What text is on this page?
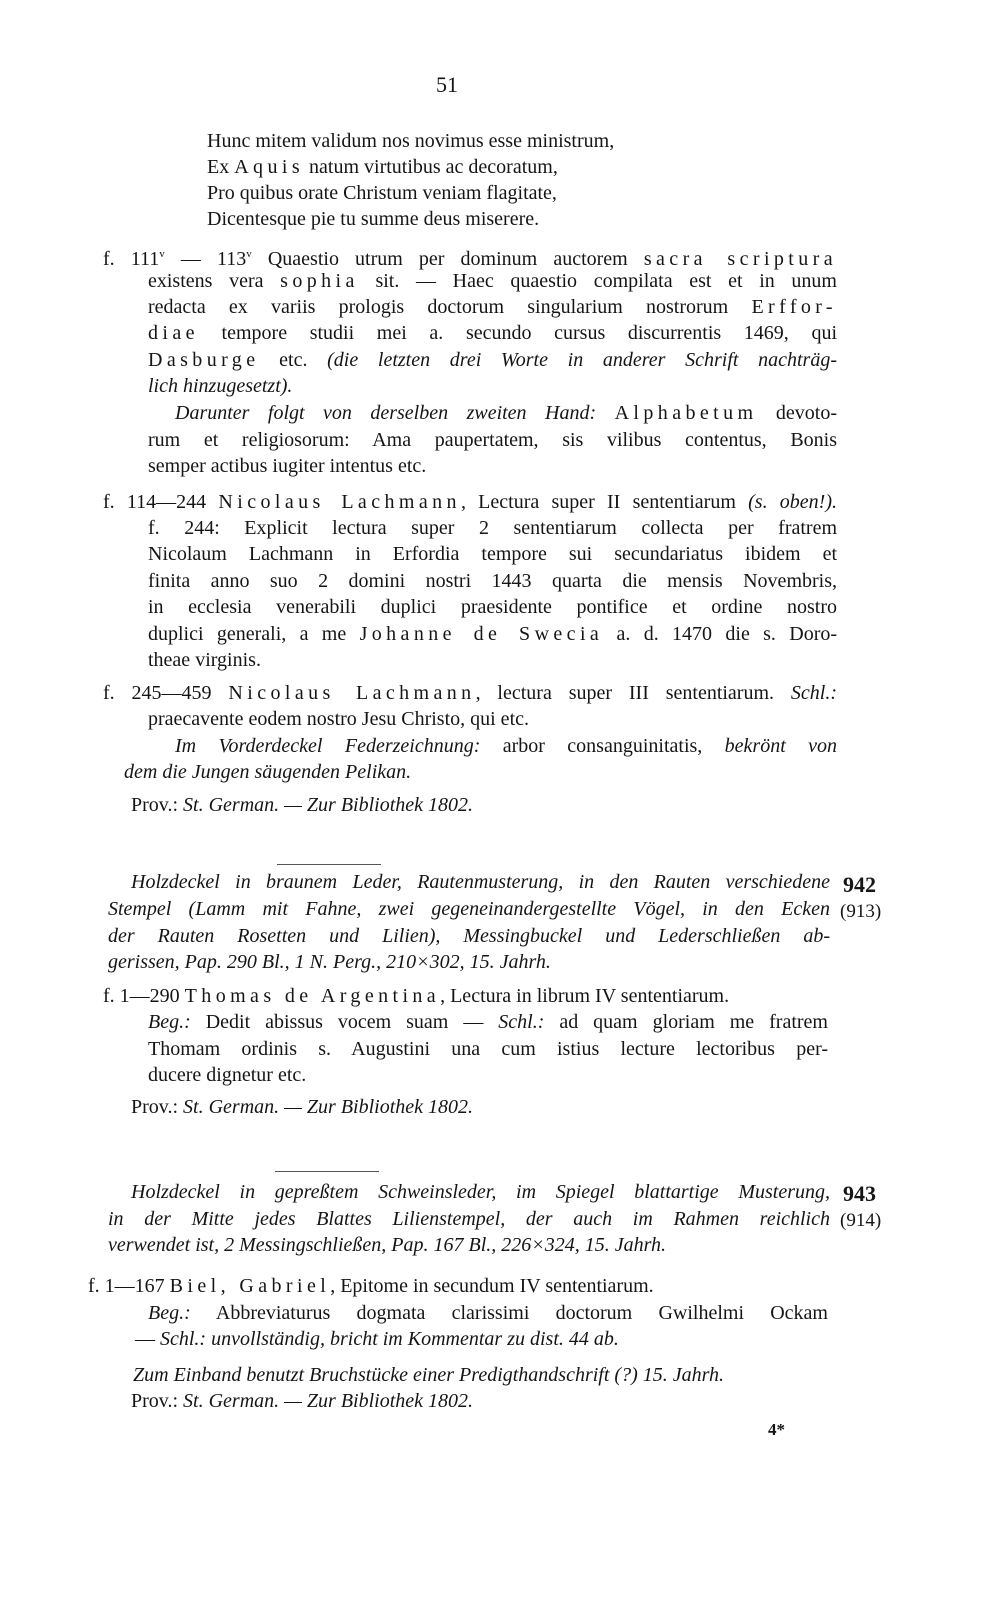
51
Hunc mitem validum nos novimus esse ministrum,
Ex Aquis natum virtutibus ac decoratum,
Pro quibus orate Christum veniam flagitate,
Dicentesque pie tu summe deus miserere.
f. 111$^v$ — 113$^v$ Quaestio utrum per dominum auctorem sacra scriptura
existens vera sophia sit. — Haec quaestio compilata est et in unum
redacta ex variis prologis doctorum singularium nostrorum Erffor-
diae tempore studii mei a. secundo cursus discurrentis 1469, qui
Dasburge etc. (die letzten drei Worte in anderer Schrift nachträg-
lich hinzugesetzt).
Darunter folgt von derselben zweiten Hand: Alphabetum devoto-
rum et religiosorum: Ama paupertatem, sis vilibus contentus, Bonis
semper actibus iugiter intentus etc.
f. 114—244 Nicolaus Lachmann, Lectura super II sententiarum (s. oben!).
f. 244: Explicit lectura super 2 sententiarum collecta per fratrem
Nicolaum Lachmann in Erfordia tempore sui secundariatus ibidem et
finita anno suo 2 domini nostri 1443 quarta die mensis Novembris,
in ecclesia venerabili duplici praesidente pontifice et ordine nostro
duplici generali, a me Johanne de Swecia a. d. 1470 die s. Doro-
theae virginis.
f. 245—459 Nicolaus Lachmann, lectura super III sententiarum. Schl.:
praecavente eodem nostro Jesu Christo, qui etc.
Im Vorderdeckel Federzeichnung: arbor consanguinitatis, bekrönt von
dem die Jungen säugenden Pelikan.
Prov.: St. German. — Zur Bibliothek 1802.
Holzdeckel in braunem Leder, Rautenmusterung, in den Rauten verschiedene
Stempel (Lamm mit Fahne, zwei gegeneinandergestellte Vögel, in den Ecken
der Rauten Rosetten und Lilien), Messingbuckel und Lederschließen ab-
gerissen, Pap. 290 Bl., 1 N. Perg., 210×302, 15. Jahrh.
f. 1—290 Thomas de Argentina, Lectura in librum IV sententiarum.
Beg.: Dedit abissus vocem suam — Schl.: ad quam gloriam me fratrem
Thomam ordinis s. Augustini una cum istius lecture lectoribus per-
ducere dignetur etc.
Prov.: St. German. — Zur Bibliothek 1802.
Holzdeckel in gepreßtem Schweinsleder, im Spiegel blattartige Musterung,
in der Mitte jedes Blattes Lilienstempel, der auch im Rahmen reichlich
verwendet ist, 2 Messingschließen, Pap. 167 Bl., 226×324, 15. Jahrh.
f. 1—167 Biel, Gabriel, Epitome in secundum IV sententiarum.
Beg.: Abbreviaturus dogmata clarissimi doctorum Gwilhelmi Ockam
— Schl.: unvollständig, bricht im Kommentar zu dist. 44 ab.
Zum Einband benutzt Bruchstücke einer Predigthandschrift (?) 15. Jahrh.
Prov.: St. German. — Zur Bibliothek 1802.
942
(913)
943
(914)
4*
